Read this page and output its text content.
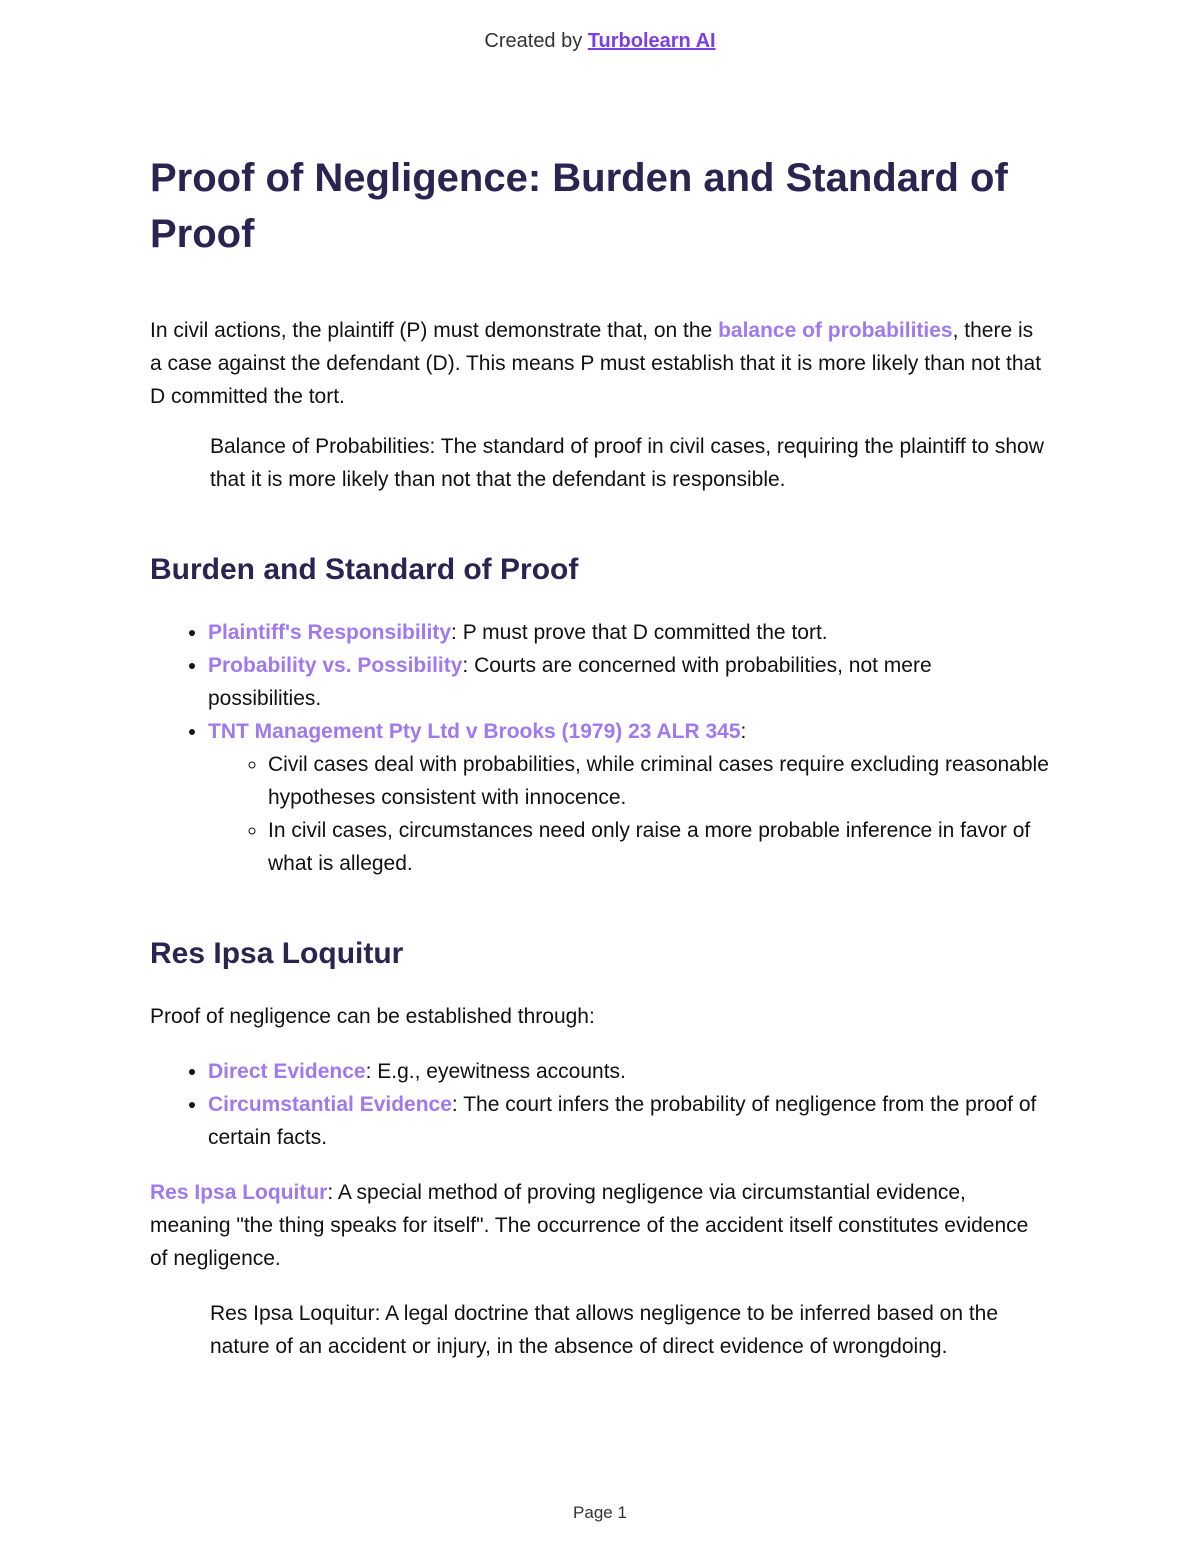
Created by Turbolearn AI
Proof of Negligence: Burden and Standard of Proof

In civil actions, the plaintiff (P) must demonstrate that, on the balance of probabilities, there is a case against the defendant (D). This means P must establish that it is more likely than not that D committed the tort.

Balance of Probabilities: The standard of proof in civil cases, requiring the plaintiff to show that it is more likely than not that the defendant is responsible.

Burden and Standard of Proof
• Plaintiff's Responsibility: P must prove that D committed the tort.
• Probability vs. Possibility: Courts are concerned with probabilities, not mere possibilities.
• TNT Management Pty Ltd v Brooks (1979) 23 ALR 345:
◦ Civil cases deal with probabilities, while criminal cases require excluding reasonable hypotheses consistent with innocence.
◦ In civil cases, circumstances need only raise a more probable inference in favor of what is alleged.
Res Ipsa Loquitur

Proof of negligence can be established through:

• Direct Evidence: E.g., eyewitness accounts.
• Circumstantial Evidence: The court infers the probability of negligence from the proof of certain facts.

Res Ipsa Loquitur: A special method of proving negligence via circumstantial evidence, meaning "the thing speaks for itself". The occurrence of the accident itself constitutes evidence of negligence.

Res Ipsa Loquitur: A legal doctrine that allows negligence to be inferred based on the nature of an accident or injury, in the absence of direct evidence of wrongdoing.

Page 1
